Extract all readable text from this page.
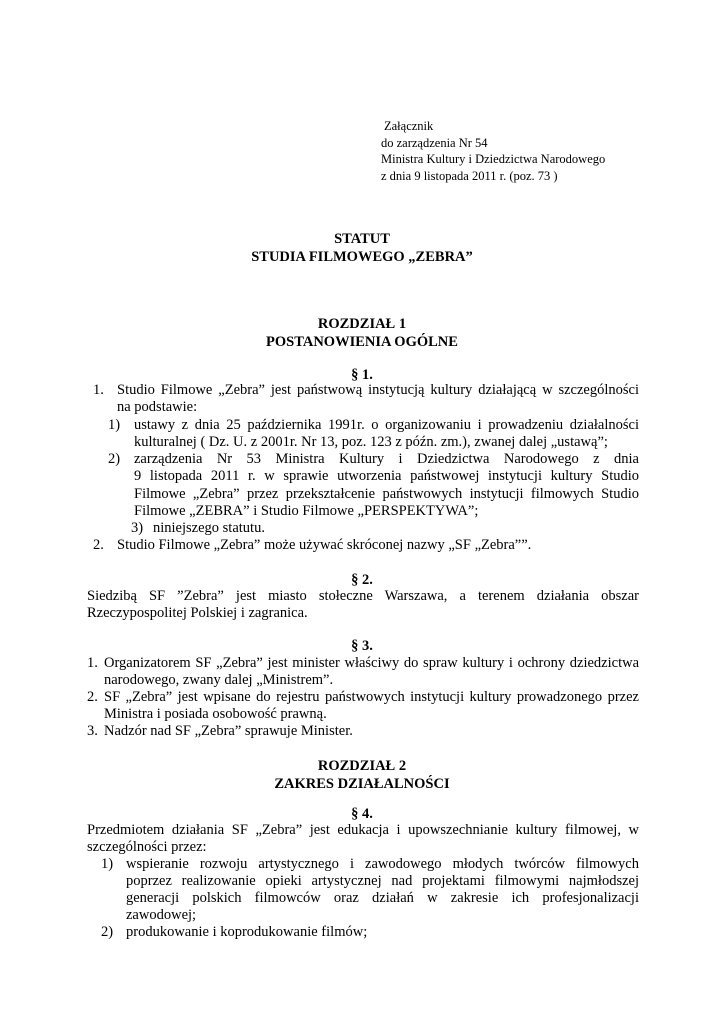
Załącznik
do zarządzenia Nr 54
Ministra Kultury i Dziedzictwa Narodowego
z dnia 9 listopada 2011 r. (poz. 73 )
STATUT
STUDIA FILMOWEGO „ZEBRA”
ROZDZIAŁ 1
POSTANOWIENIA OGÓLNE
§ 1.
1. Studio Filmowe „Zebra” jest państwową instytucją kultury działającą w szczególności
na podstawie:
1) ustawy z dnia 25 października 1991r. o organizowaniu i prowadzeniu działalności
kulturalnej ( Dz. U. z 2001r. Nr 13, poz. 123 z późn. zm.), zwanej dalej „ustawą”;
2) zarządzenia Nr 53 Ministra Kultury i Dziedzictwa Narodowego z dnia
9 listopada 2011 r. w sprawie utworzenia państwowej instytucji kultury Studio
Filmowe „Zebra” przez przekształcenie państwowych instytucji filmowych Studio
Filmowe „ZEBRA” i Studio Filmowe „PERSPEKTYWA”;
3) niniejszego statutu.
2. Studio Filmowe „Zebra” może używać skróconej nazwy „SF „Zebra””.
§ 2.
Siedzibą SF ”Zebra” jest miasto stołeczne Warszawa, a terenem działania obszar
Rzeczypospolitej Polskiej i zagranica.
§ 3.
1. Organizatorem SF „Zebra” jest minister właściwy do spraw kultury i ochrony dziedzictwa
narodowego, zwany dalej „Ministrem”.
2. SF „Zebra” jest wpisane do rejestru państwowych instytucji kultury prowadzonego przez
Ministra i posiada osobowość prawną.
3. Nadzór nad SF „Zebra” sprawuje Minister.
ROZDZIAŁ 2
ZAKRES DZIAŁALNOŚCI
§ 4.
Przedmiotem działania SF „Zebra” jest edukacja i upowszechnianie kultury filmowej, w
szczególności przez:
1) wspieranie rozwoju artystycznego i zawodowego młodych twórców filmowych
poprzez realizowanie opieki artystycznej nad projektami filmowymi najmłodszej
generacji polskich filmowców oraz działań w zakresie ich profesjonalizacji
zawodowej;
2) produkowanie i koprodukowanie filmów;
